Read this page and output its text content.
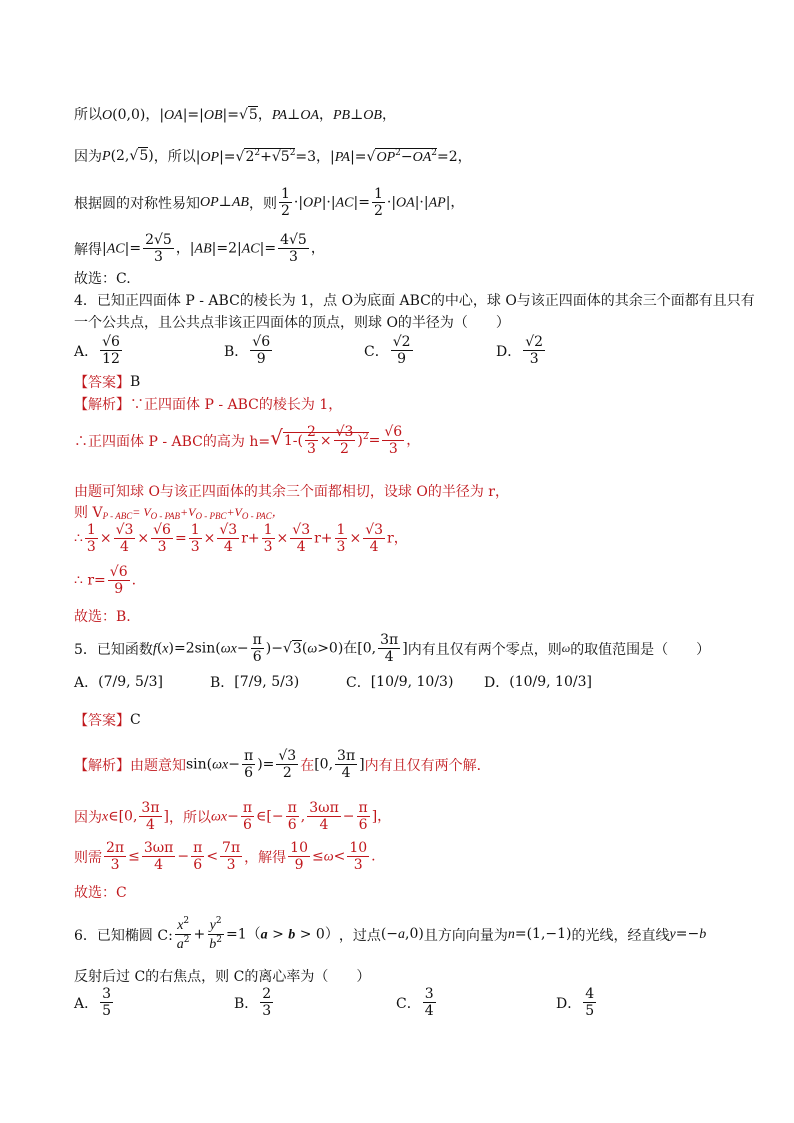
所以 O(0,0)，|OA|=|OB|=√5，PA⊥OA，PB⊥OB，
因为 P(2,√5) ，所以 $|OP|=√2^2+√5^2=3$，$|PA|=√OP^2-OA^2=2$，
根据圆的对称性易知 OP⊥AB ，则 $\frac{1}{2} \cdot|OP|\cdot|AC|= \frac{1}{2} \cdot|OA|\cdot|AP|$，
解得 $|AC|= \frac{2√5}{3}$ ，$|AB|=2|AC|= \frac{4√5}{3}$ ，
故选：C.
4．已知正四面体 P - ABC的棱长为 1，点 O为底面 ABC的中心，球 O与该正四面体的其余三个面都有且只有
一个公共点，且公共点非该正四面体的顶点，则球 O的半径为（　　）
A． $\frac{√6}{12}$	B． $\frac{√6}{9}$	C． $\frac{√2}{9}$	D． $\frac{√2}{3}$
【答案】 B
【解析】 ∵正四面体 P - ABC的棱长为 1，
∴正四面体 P - ABC的高为 $h= √1-( \frac{2}{3} \times \frac{√3}{2} )^2= \frac{√6}{3}$ ，
由题可知球 O与该正四面体的其余三个面都相切，设球 O的半径为 r，
则 V $_{P - ABC}= V_{O - PAB}+V_{O - PBC}+V_{O - PAC}$，
∴ $\frac{1}{3} \times \frac{√3}{4} \times \frac{√6}{3} = \frac{1}{3} \times \frac{√3}{4} r+ \frac{1}{3} \times \frac{√3}{4} r+ \frac{1}{3} \times \frac{√3}{4}$ r，
∴ $r= \frac{√6}{9}$ .
故选：B.
5．已知函数 $f(x)=2\sin(\omega x- \frac{\pi}{6} )-√3(\omega>0)$在[0, $\frac{3\pi}{4}$ ] 内有且仅有两个零点，则 ω 的取值范围是（　　）
A． (7/9, 5/3]	B． [7/9, 5/3)	C． [10/9, 10/3) D． (10/9, 10/3]
【答案】 C
【解析】 由题意知 $\sin(\omega x- \frac{\pi}{6}$ )= $\frac{√3}{2}$ 在 [0, $\frac{3\pi}{4}$ ] 内有且仅有两个解．
因为 x∈[0, $\frac{3\pi}{4}$ ] ，所以 $\omega x- \frac{\pi}{6}$ ∈[− $\frac{\pi}{6}$ , $\frac{3\omega\pi}{4} - \frac{\pi}{6}$ ]，
则需 $\frac{2\pi}{3} \le \frac{3\omega\pi}{4} - \frac{\pi}{6} < \frac{7\pi}{3}$ ，解得 $\frac{10}{9} \le\omega< \frac{10}{3}$ .
故选：C
6．已知椭圆 C: $\frac{x^2}{a^2} + \frac{y^2}{b^2} =1(a > b > 0)$ ，过点 (−a,0) 且方向向量为 n=(1,−1) 的光线，经直线 y=−b
反射后过 C的右焦点，则 C的离心率为（　　）
A． $\frac{3}{5}$	B． $\frac{2}{3}$	C． $\frac{3}{4}$	D． $\frac{4}{5}$
